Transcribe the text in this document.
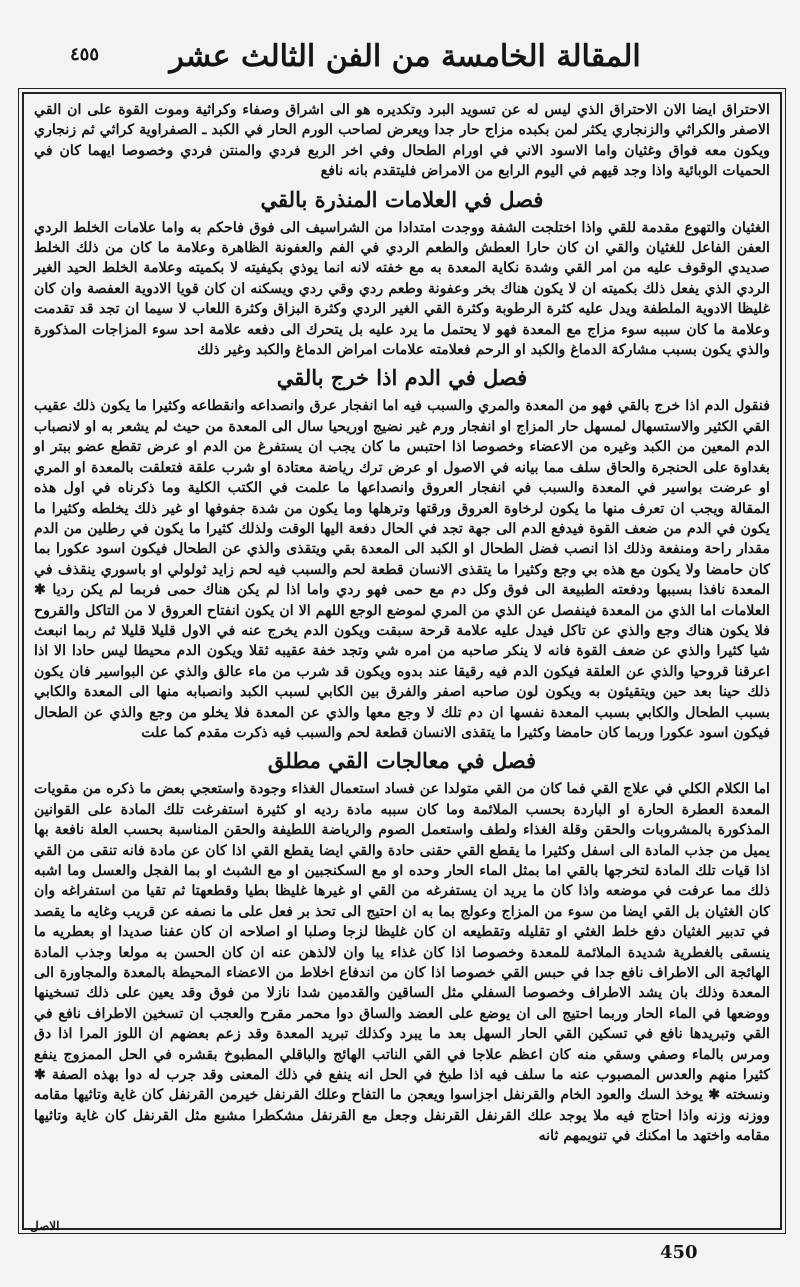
المقالة الخامسة من الفن الثالث عشر
٤٥٥

الاحتراق ايضا الان الاحتراق الذي ليس له عن تسويد البرد وتكديره هو الى اشراق وصفاء وكراثية وموت القوة على ان القي الاصفر والكراثي والزنجاري يكثر لمن بكبده مزاج حار جدا ويعرض لصاحب الورم الحار في الكبد ـ الصفراوية كراثي ثم زنجاري ويكون معه فواق وغثيان واما الاسود الاني في اورام الطحال وفي اخر الربع فردي والمنتن فردي وخصوصا ايهما كان في الحميات الوبائية واذا وجد قيهم في اليوم الرابع من الامراض فليتقدم بانه نافع

فصل في العلامات المنذرة بالقي

الغثيان والتهوع مقدمة للقي واذا اختلجت الشفة ووجدت امتدادا من الشراسيف الى فوق فاحكم به واما علامات الخلط الردي العفن الفاعل للغثيان والقي ان كان حارا العطش والطعم الردي في الفم والعفونة الظاهرة وعلامة ما كان من ذلك الخلط صديدي الوقوف عليه من امر القي وشدة نكاية المعدة به مع خفته لانه انما يوذي بكيفيته لا بكميته وعلامة الخلط الحيد الغير الردي الذي يفعل ذلك بكميته ان لا يكون هناك بخر وعفونة وطعم ردي وقي ردي ويسكنه ان كان قويا الادوية العفصة وان كان غليظا الادوية الملطفة ويدل عليه كثرة الرطوبة وكثرة القي الغير الردي وكثرة البزاق وكثرة اللعاب لا سيما ان تجد قد تقدمت وعلامة ما كان سببه سوء مزاج مع المعدة فهو لا يحتمل ما يرد عليه بل يتحرك الى دفعه علامة احد سوء المزاجات المذكورة والذي يكون بسبب مشاركة الدماغ والكبد او الرحم فعلامته علامات امراض الدماغ والكبد وغير ذلك

فصل في الدم اذا خرج بالقي

فنقول الدم اذا خرج بالقي فهو من المعدة والمري والسبب فيه اما انفجار عرق وانصداعه وانقطاعه وكثيرا ما يكون ذلك عقيب القي الكثير والاستسهال لمسهل حار المزاج او انفجار ورم غير نضيج اوريحيا سال الى المعدة من حيث لم يشعر به او لانصباب الدم المعين من الكبد وغيره من الاعضاء وخصوصا اذا احتبس ما كان يجب ان يستفرغ من الدم او عرض تقطع عضو ببتر او بغداوة على الحنجرة والحاق سلف مما بيانه في الاصول او عرض ترك رياضة معتادة او شرب علقة فتعلقت بالمعدة او المري او عرضت بواسير في المعدة والسبب في انفجار العروق وانصداعها ما علمت في الكتب الكلية وما ذكرناه في اول هذه المقالة ويجب ان تعرف منها ما يكون لرخاوة العروق ورقتها وترهلها وما يكون من شدة جفوفها او غير ذلك يخلطه وكثيرا ما يكون في الدم من ضعف القوة فيدفع الدم الى جهة تجد في الحال دفعة اليها الوقت ولذلك كثيرا ما يكون في رطلين من الدم مقدار راحة ومنفعة وذلك اذا انصب فضل الطحال او الكبد الى المعدة بقي ويتقذى والذي عن الطحال فيكون اسود عكورا بما كان حامضا ولا يكون مع هذه بي وجع وكثيرا ما يتقذى الانسان قطعة لحم والسبب فيه لحم زايد ثولولي او باسوري ينقذف في المعدة نافذا بسببها ودفعته الطبيعة الى فوق وكل دم مع حمى فهو ردي واما اذا لم يكن هناك حمى فربما لم يكن رديا ✱ العلامات اما الذي من المعدة فينفصل عن الذي من المري لموضع الوجع اللهم الا ان يكون انفتاح العروق لا من التاكل والقروح فلا يكون هناك وجع والذي عن تاكل فيدل عليه علامة قرحة سبقت ويكون الدم يخرج عنه في الاول قليلا قليلا ثم ربما انبعث شيا كثيرا والذي عن ضعف القوة فانه لا ينكر صاحبه من امره شي وتجد خفة عقيبه ثقلا ويكون الدم محيطا ليس حادا الا اذا اعرقنا قروحيا والذي عن العلقة فيكون الدم فيه رقيقا عند بدوه ويكون قد شرب من ماء عالق والذي عن البواسير فان يكون ذلك حينا بعد حين ويتقيئون به ويكون لون صاحبه اصفر والفرق بين الكابي لسبب الكبد وانصبابه منها الى المعدة والكابي بسبب الطحال والكابي بسبب المعدة نفسها ان دم تلك لا وجع معها والذي عن المعدة فلا يخلو من وجع والذي عن الطحال فيكون اسود عكورا وربما كان حامضا وكثيرا ما يتقذى الانسان قطعة لحم والسبب فيه ذكرت مقدم كما علت

فصل في معالجات القي مطلق

اما الكلام الكلي في علاج القي فما كان من القي متولدا عن فساد استعمال الغذاء وجودة واستعجي بعض ما ذكره من مقويات المعدة العطرة الحارة او الباردة بحسب الملائمة وما كان سببه مادة رديه او كثيرة استفرغت تلك المادة على القوانين المذكورة بالمشروبات والحقن وقلة الغذاء ولطف واستعمل الصوم والرياضة اللطيفة والحقن المناسبة بحسب العلة نافعة بها يميل من جذب المادة الى اسفل وكثيرا ما يقطع القي حقنى حادة والقي ايضا يقطع القي اذا كان عن مادة فانه تنقى من القي اذا قيات تلك المادة لتخرجها بالقي اما بمثل الماء الحار وحده او مع السكنجبين او مع الشبث او بما الفجل والعسل وما اشبه ذلك مما عرفت في موضعه واذا كان ما يريد ان يستفرغه من القي او غيرها غليظا بطيا وقطعهتا ثم تقيا من استفراغه وان كان الغثيان بل القي ايضا من سوء من المزاج وعولج بما به ان احتيج الى تحذ بر فعل على ما نصفه عن قريب وغايه ما يقصد في تدبير الغثيان دفع خلط الغثي او تقليله وتقطيعه ان كان غليظا لزجا وصلبا او اصلاحه ان كان عفنا صديدا او بعطريه ما ينسقى بالغطرية شديدة الملائمة للمعدة وخصوصا اذا كان غذاء يبا وان لالذهن عنه ان كان الحسن به مولعا وجذب المادة الهائجة الى الاطراف نافع جدا في حبس القي خصوصا اذا كان من اندفاع اخلاط من الاعضاء المحيطة بالمعدة والمجاورة الى المعدة وذلك بان يشد الاطراف وخصوصا السفلي مثل الساقين والقدمين شدا نازلا من فوق وقد يعين على ذلك تسخينها ووضعها في الماء الحار وربما احتيج الى ان يوضع على العضد والساق دوا محمر مقرح والعجب ان تسخين الاطراف نافع في القي وتبريدها نافع في تسكين القي الحار السهل بعد ما يبرد وكذلك تبريد المعدة وقد زعم بعضهم ان اللوز المرا اذا دق ومرس بالماء وصفي وسقي منه كان اعظم علاجا في القي الناتب الهائج والباقلي المطبوخ بقشره في الحل الممزوج ينفع كثيرا منهم والعدس المصبوب عنه ما سلف فيه اذا طبخ في الحل انه ينفع في ذلك المعنى وقد جرب له دوا بهذه الصفة ✱ ونسخته ✱ يوخذ السك والعود الخام والقرنفل اجزاسوا ويعجن ما التفاح وعلك القرنفل خيرمن القرنفل كان غاية وتاثيها مقامه ووزنه وزنه واذا احتاج فيه ملا يوجد علك القرنفل القرنفل وجعل مع القرنفل مشكطرا مشبع مثل القرنفل كان غاية وتاثيها مقامه واختهد ما امكنك في تنويمهم ثانه

الاصل
450
